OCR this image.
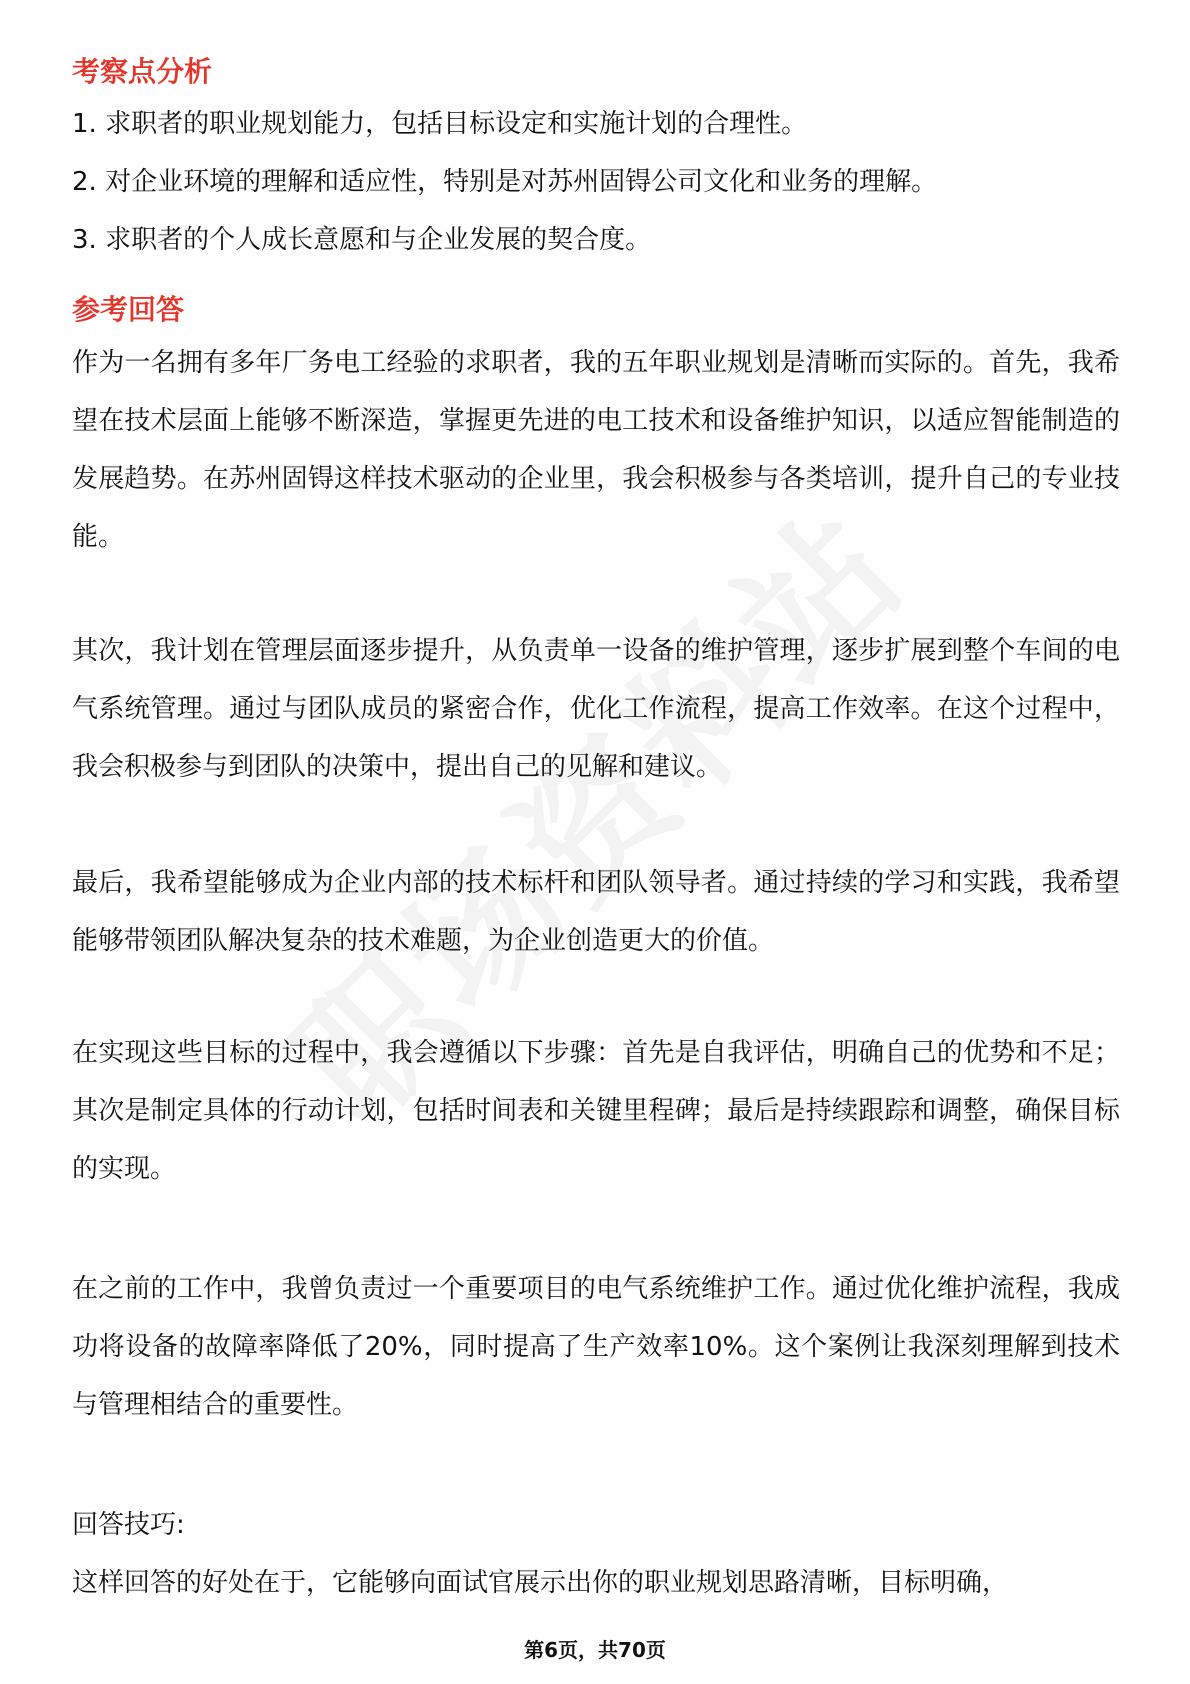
考察点分析
1. 求职者的职业规划能力，包括目标设定和实施计划的合理性。
2. 对企业环境的理解和适应性，特别是对苏州固锝公司文化和业务的理解。
3. 求职者的个人成长意愿和与企业发展的契合度。
参考回答

作为一名拥有多年厂务电工经验的求职者，我的五年职业规划是清晰而实际的。首先，我希望在技术层面上能够不断深造，掌握更先进的电工技术和设备维护知识，以适应智能制造的发展趋势。在苏州固锝这样技术驱动的企业里，我会积极参与各类培训，提升自己的专业技能。

其次，我计划在管理层面逐步提升，从负责单一设备的维护管理，逐步扩展到整个车间的电气系统管理。通过与团队成员的紧密合作，优化工作流程，提高工作效率。在这个过程中，我会积极参与到团队的决策中，提出自己的见解和建议。

最后，我希望能够成为企业内部的技术标杆和团队领导者。通过持续的学习和实践，我希望能够带领团队解决复杂的技术难题，为企业创造更大的价值。

在实现这些目标的过程中，我会遵循以下步骤：首先是自我评估，明确自己的优势和不足；其次是制定具体的行动计划，包括时间表和关键里程碑；最后是持续跟踪和调整，确保目标的实现。

在之前的工作中，我曾负责过一个重要项目的电气系统维护工作。通过优化维护流程，我成功将设备的故障率降低了20%，同时提高了生产效率10%。这个案例让我深刻理解到技术与管理相结合的重要性。

回答技巧:
这样回答的好处在于，它能够向面试官展示出你的职业规划思路清晰，目标明确，
第6页，共70页
